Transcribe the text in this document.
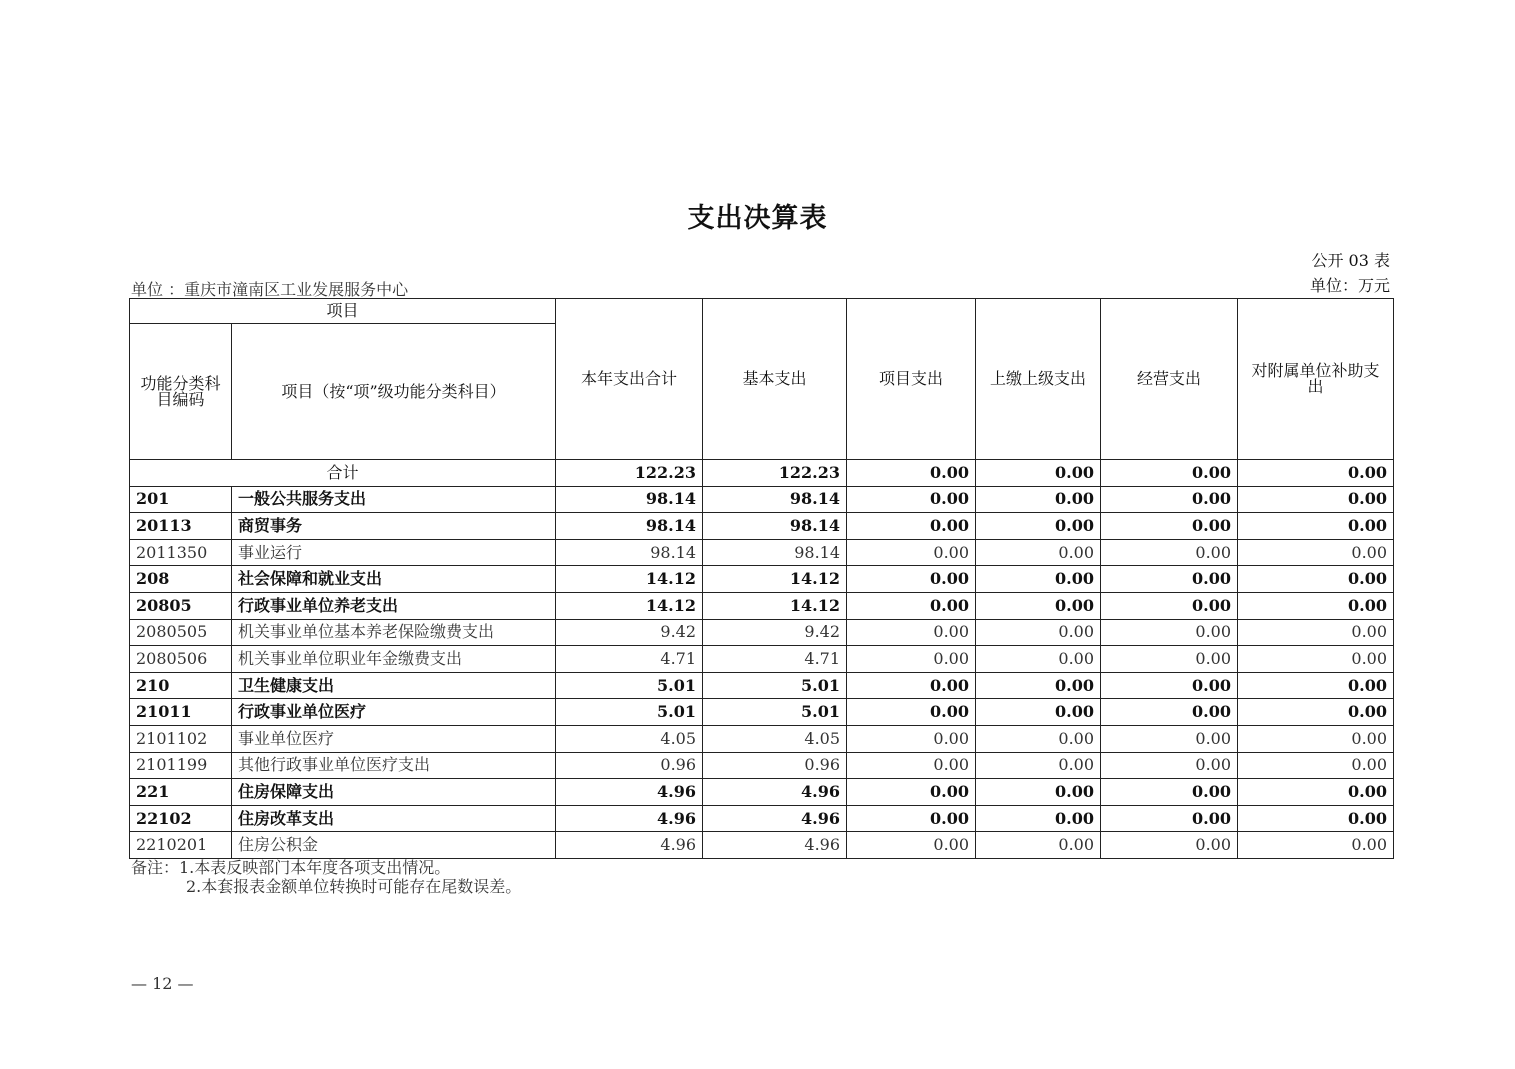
支出决算表
公开 03 表
单位 ：重庆市潼南区工业发展服务中心	单位：万元
项目		本年支出合计	基本支出	项目支出	上缴上级支出	经营支出	对附属单位补助支出
功能分类科目编码	项目（按“项”级功能分类科目）						
合计		122.23	122.23	0.00	0.00	0.00	0.00
201	一般公共服务支出	98.14	98.14	0.00	0.00	0.00	0.00
20113	商贸事务	98.14	98.14	0.00	0.00	0.00	0.00
2011350	事业运行	98.14	98.14	0.00	0.00	0.00	0.00
208	社会保障和就业支出	14.12	14.12	0.00	0.00	0.00	0.00
20805	行政事业单位养老支出	14.12	14.12	0.00	0.00	0.00	0.00
2080505	机关事业单位基本养老保险缴费支出	9.42	9.42	0.00	0.00	0.00	0.00
2080506	机关事业单位职业年金缴费支出	4.71	4.71	0.00	0.00	0.00	0.00
210	卫生健康支出	5.01	5.01	0.00	0.00	0.00	0.00
21011	行政事业单位医疗	5.01	5.01	0.00	0.00	0.00	0.00
2101102	事业单位医疗	4.05	4.05	0.00	0.00	0.00	0.00
2101199	其他行政事业单位医疗支出	0.96	0.96	0.00	0.00	0.00	0.00
221	住房保障支出	4.96	4.96	0.00	0.00	0.00	0.00
22102	住房改革支出	4.96	4.96	0.00	0.00	0.00	0.00
2210201	住房公积金	4.96	4.96	0.00	0.00	0.00	0.00
备注：1.本表反映部门本年度各项支出情况。
2.本套报表金额单位转换时可能存在尾数误差。
— 12 —
